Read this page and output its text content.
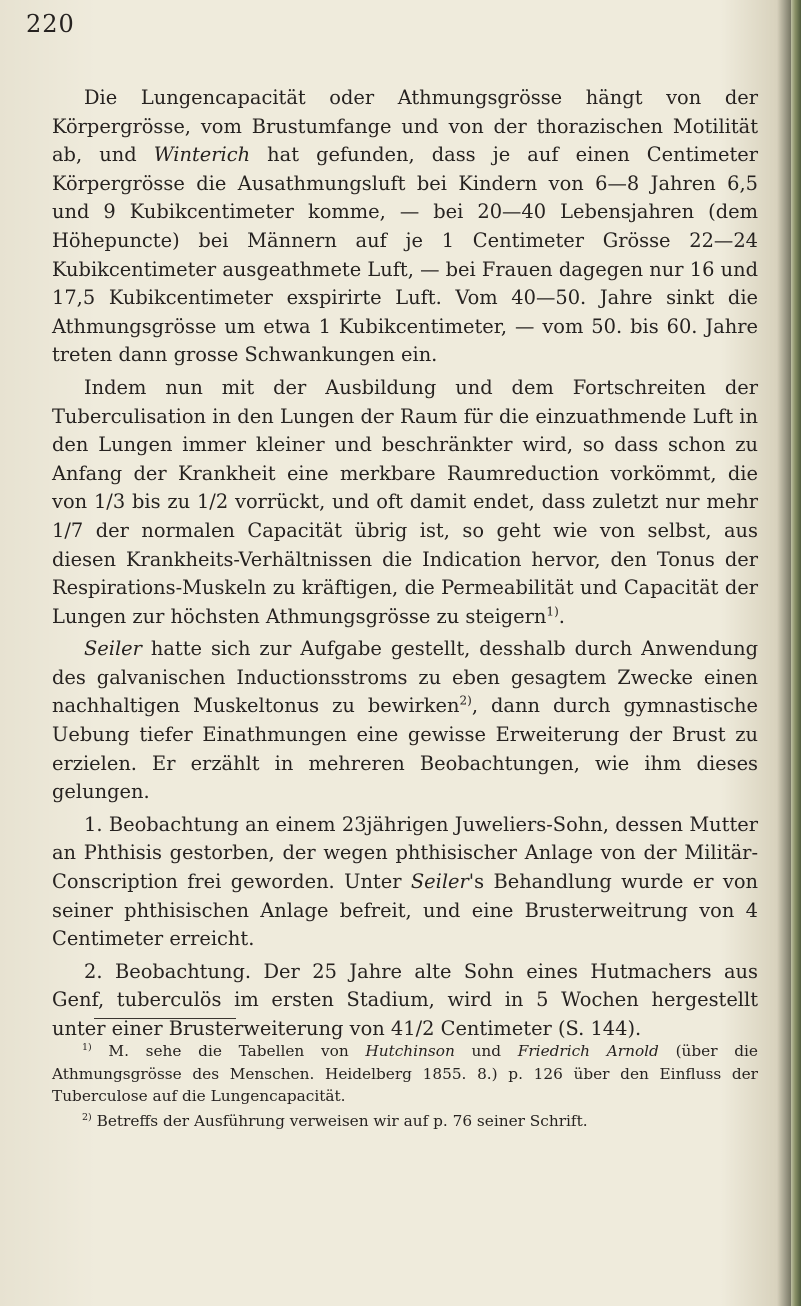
220

Die Lungencapacität oder Athmungsgrösse hängt von der Körpergrösse, vom Brustumfange und von der thorazischen Motilität ab, und Winterich hat gefunden, dass je auf einen Centimeter Körpergrösse die Ausathmungsluft bei Kindern von 6—8 Jahren 6,5 und 9 Kubikcentimeter komme, — bei 20—40 Lebensjahren (dem Höhepuncte) bei Männern auf je 1 Centimeter Grösse 22—24 Kubikcentimeter ausgeathmete Luft, — bei Frauen dagegen nur 16 und 17,5 Kubikcentimeter exspirirte Luft. Vom 40—50. Jahre sinkt die Athmungsgrösse um etwa 1 Kubikcentimeter, — vom 50. bis 60. Jahre treten dann grosse Schwankungen ein.

Indem nun mit der Ausbildung und dem Fortschreiten der Tuberculisation in den Lungen der Raum für die einzuathmende Luft in den Lungen immer kleiner und beschränkter wird, so dass schon zu Anfang der Krankheit eine merkbare Raumreduction vorkömmt, die von 1/3 bis zu 1/2 vorrückt, und oft damit endet, dass zuletzt nur mehr 1/7 der normalen Capacität übrig ist, so geht wie von selbst, aus diesen Krankheits-Verhältnissen die Indication hervor, den Tonus der Respirations-Muskeln zu kräftigen, die Permeabilität und Capacität der Lungen zur höchsten Athmungsgrösse zu steigern$^{1)}$.

Seiler hatte sich zur Aufgabe gestellt, desshalb durch Anwendung des galvanischen Inductionsstroms zu eben gesagtem Zwecke einen nachhaltigen Muskeltonus zu bewirken$^{2)}$, dann durch gymnastische Uebung tiefer Einathmungen eine gewisse Erweiterung der Brust zu erzielen. Er erzählt in mehreren Beobachtungen, wie ihm dieses gelungen.

1. Beobachtung an einem 23jährigen Juweliers-Sohn, dessen Mutter an Phthisis gestorben, der wegen phthisischer Anlage von der Militär-Conscription frei geworden. Unter Seiler's Behandlung wurde er von seiner phthisischen Anlage befreit, und eine Brusterweitrung von 4 Centimeter erreicht.

2. Beobachtung. Der 25 Jahre alte Sohn eines Hutmachers aus Genf, tuberculös im ersten Stadium, wird in 5 Wochen hergestellt unter einer Brusterweiterung von 41/2 Centimeter (S. 144).

$^{1)}$ M. sehe die Tabellen von Hutchinson und Friedrich Arnold (über die Athmungsgrösse des Menschen. Heidelberg 1855. 8.) p. 126 über den Einfluss der Tuberculose auf die Lungencapacität.

$^{2)}$ Betreffs der Ausführung verweisen wir auf p. 76 seiner Schrift.
